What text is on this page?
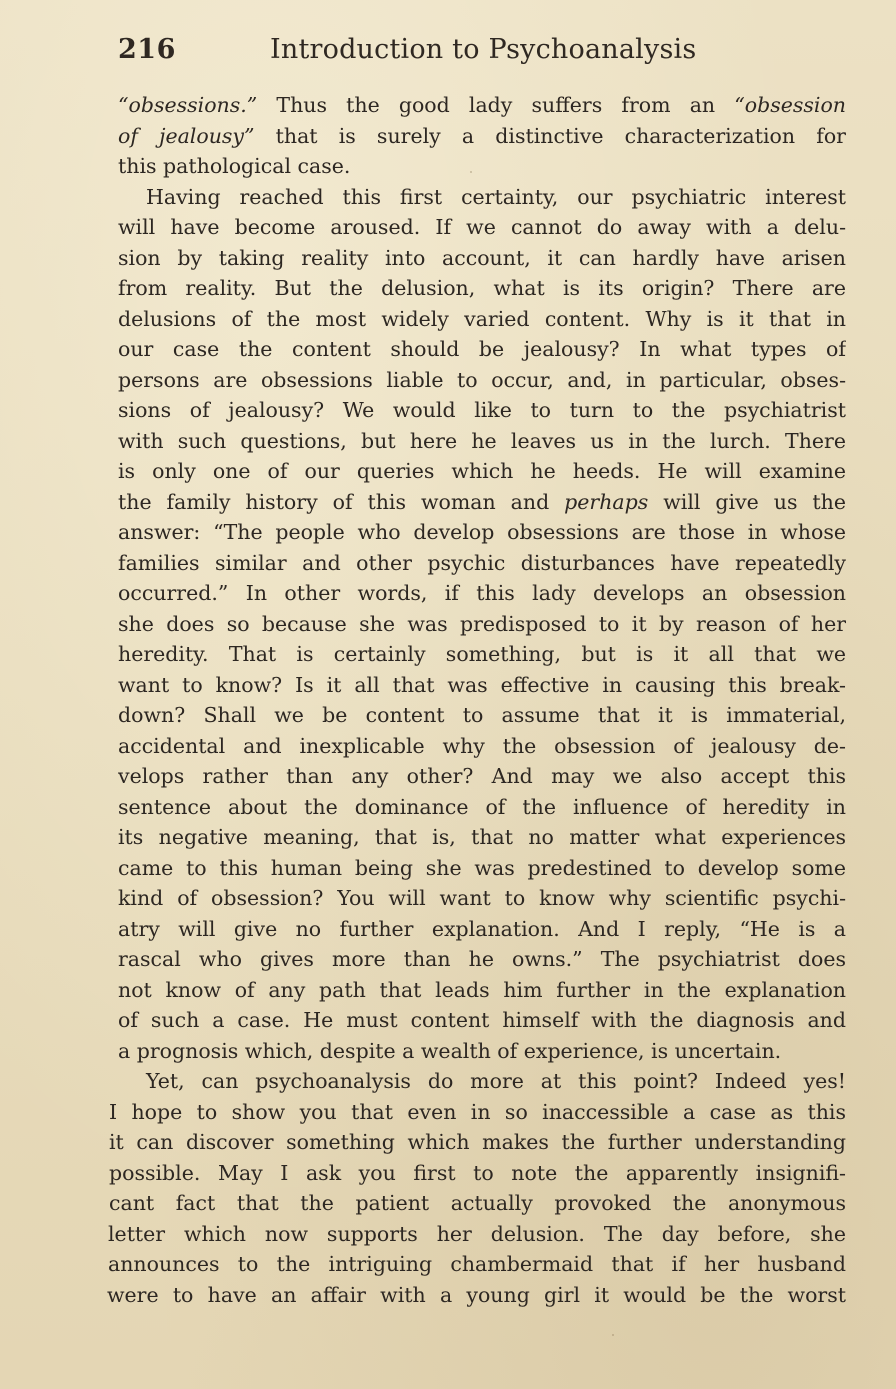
216	Introduction to Psychoanalysis
“obsessions.” Thus the good lady suffers from an “obsession
of jealousy” that is surely a distinctive characterization for
this pathological case.
Having reached this first certainty, our psychiatric interest
will have become aroused. If we cannot do away with a delu-
sion by taking reality into account, it can hardly have arisen
from reality. But the delusion, what is its origin? There are
delusions of the most widely varied content. Why is it that in
our case the content should be jealousy? In what types of
persons are obsessions liable to occur, and, in particular, obses-
sions of jealousy? We would like to turn to the psychiatrist
with such questions, but here he leaves us in the lurch. There
is only one of our queries which he heeds. He will examine
the family history of this woman and perhaps will give us the
answer: “The people who develop obsessions are those in whose
families similar and other psychic disturbances have repeatedly
occurred.” In other words, if this lady develops an obsession
she does so because she was predisposed to it by reason of her
heredity. That is certainly something, but is it all that we
want to know? Is it all that was effective in causing this break-
down? Shall we be content to assume that it is immaterial,
accidental and inexplicable why the obsession of jealousy de-
velops rather than any other? And may we also accept this
sentence about the dominance of the influence of heredity in
its negative meaning, that is, that no matter what experiences
came to this human being she was predestined to develop some
kind of obsession? You will want to know why scientific psychi-
atry will give no further explanation. And I reply, “He is a
rascal who gives more than he owns.” The psychiatrist does
not know of any path that leads him further in the explanation
of such a case. He must content himself with the diagnosis and
a prognosis which, despite a wealth of experience, is uncertain.
Yet, can psychoanalysis do more at this point? Indeed yes!
I hope to show you that even in so inaccessible a case as this
it can discover something which makes the further understanding
possible. May I ask you first to note the apparently insignifi-
cant fact that the patient actually provoked the anonymous
letter which now supports her delusion. The day before, she
announces to the intriguing chambermaid that if her husband
were to have an affair with a young girl it would be the worst
